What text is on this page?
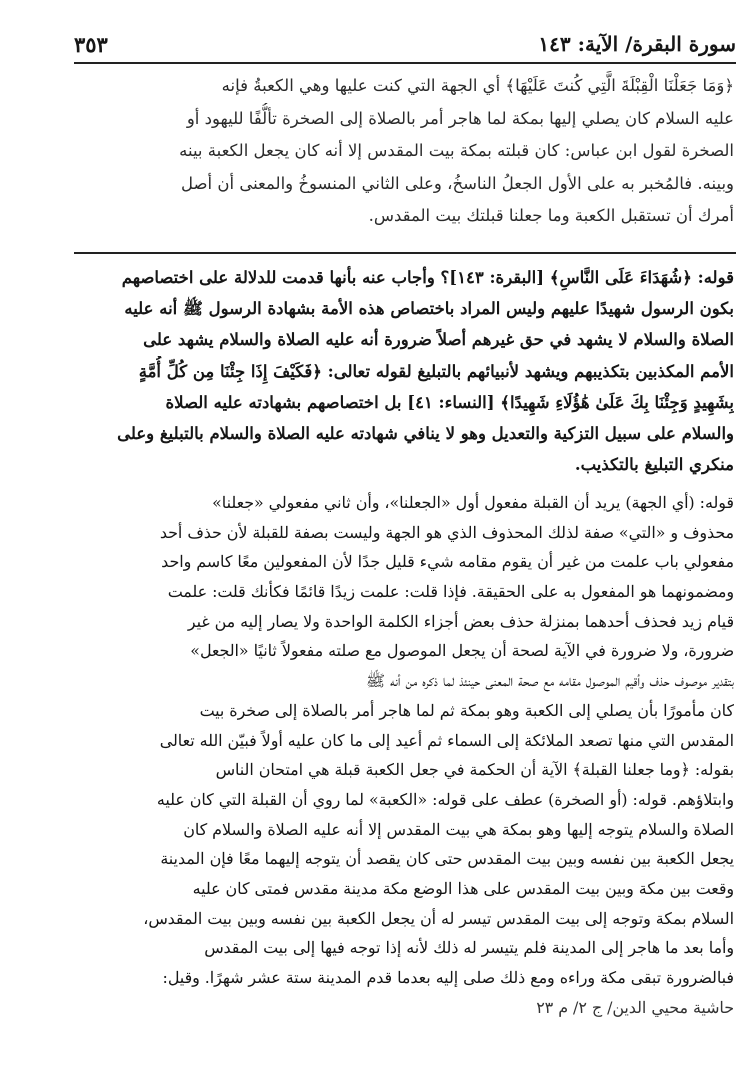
سورة البقرة/ الآية: ١٤٣
٣٥٣
﴿وَمَا جَعَلْنَا الْقِبْلَةَ الَّتِي كُنتَ عَلَيْهَا﴾ أي الجهة التي كنت عليها وهي الكعبةُ فإنه
عليه السلام كان يصلي إليها بمكة لما هاجر أمر بالصلاة إلى الصخرة تألُّفًا لليهود أو
الصخرة لقول ابن عباس: كان قبلته بمكة بيت المقدس إلا أنه كان يجعل الكعبة بينه
وبينه. فالمُخبر به على الأول الجعلُ الناسخُ، وعلى الثاني المنسوخُ والمعنى أن أصل
أمرك أن تستقبل الكعبة وما جعلنا قبلتك بيت المقدس.
قوله: ﴿شُهَدَاءَ عَلَى النَّاسِ﴾ [البقرة: ١٤٣]؟ وأجاب عنه بأنها قدمت للدلالة على اختصاصهم
بكون الرسول شهيدًا عليهم وليس المراد باختصاص هذه الأمة بشهادة الرسول ﷺ أنه عليه
الصلاة والسلام لا يشهد في حق غيرهم أصلاً ضرورة أنه عليه الصلاة والسلام يشهد على
الأمم المكذبين بتكذيبهم ويشهد لأنبيائهم بالتبليغ لقوله تعالى: ﴿فَكَيْفَ إِذَا جِئْنَا مِن كُلِّ أُمَّةٍ
بِشَهِيدٍ وَجِئْنَا بِكَ عَلَىٰ هَٰؤُلَاءِ شَهِيدًا﴾ [النساء: ٤١] بل اختصاصهم بشهادته عليه الصلاة
والسلام على سبيل التزكية والتعديل وهو لا ينافي شهادته عليه الصلاة والسلام بالتبليغ وعلى
منكري التبليغ بالتكذيب.
قوله: (أي الجهة) يريد أن القبلة مفعول أول «الجعلنا»، وأن ثاني مفعولي «جعلنا»
محذوف و «التي» صفة لذلك المحذوف الذي هو الجهة وليست بصفة للقبلة لأن حذف أحد
مفعولي باب علمت من غير أن يقوم مقامه شيء قليل جدًا لأن المفعولين معًا كاسم واحد
ومضمونهما هو المفعول به على الحقيقة. فإذا قلت: علمت زيدًا قائمًا فكأنك قلت: علمت
قيام زيد فحذف أحدهما بمنزلة حذف بعض أجزاء الكلمة الواحدة ولا يصار إليه من غير
ضرورة، ولا ضرورة في الآية لصحة أن يجعل الموصول مع صلته مفعولاً ثانيًا «الجعل»
بتقدير موصوف حذف وأقيم الموصول مقامه مع صحة المعنى حينئذ لما ذكره من أنه ﷺ
كان مأمورًا بأن يصلي إلى الكعبة وهو بمكة ثم لما هاجر أمر بالصلاة إلى صخرة بيت
المقدس التي منها تصعد الملائكة إلى السماء ثم أعيد إلى ما كان عليه أولاً فبيّن الله تعالى
بقوله: ﴿وما جعلنا القبلة﴾ الآية أن الحكمة في جعل الكعبة قبلة هي امتحان الناس
وابتلاؤهم. قوله: (أو الصخرة) عطف على قوله: «الكعبة» لما روي أن القبلة التي كان عليه
الصلاة والسلام يتوجه إليها وهو بمكة هي بيت المقدس إلا أنه عليه الصلاة والسلام كان
يجعل الكعبة بين نفسه وبين بيت المقدس حتى كان يقصد أن يتوجه إليهما معًا فإن المدينة
وقعت بين مكة وبين بيت المقدس على هذا الوضع مكة مدينة مقدس فمتى كان عليه
السلام بمكة وتوجه إلى بيت المقدس تيسر له أن يجعل الكعبة بين نفسه وبين بيت المقدس،
وأما بعد ما هاجر إلى المدينة فلم يتيسر له ذلك لأنه إذا توجه فيها إلى بيت المقدس
فبالضرورة تبقى مكة وراءه ومع ذلك صلى إليه بعدما قدم المدينة ستة عشر شهرًا. وقيل:
حاشية محيي الدين/ ج ٢/ م ٢٣
